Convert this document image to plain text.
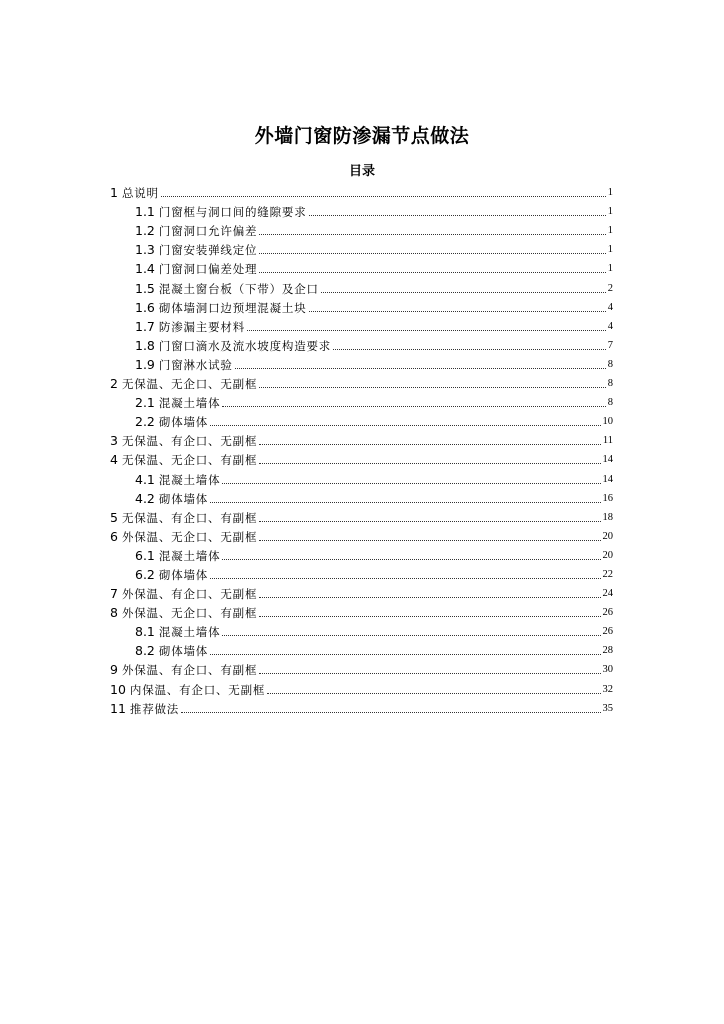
外墙门窗防渗漏节点做法
目录
1 总说明	1
1.1 门窗框与洞口间的缝隙要求	1
1.2 门窗洞口允许偏差	1
1.3 门窗安装弹线定位	1
1.4 门窗洞口偏差处理	1
1.5 混凝土窗台板（下带）及企口	2
1.6 砌体墙洞口边预埋混凝土块	4
1.7 防渗漏主要材料	4
1.8 门窗口滴水及流水坡度构造要求	7
1.9 门窗淋水试验	8
2 无保温、无企口、无副框	8
2.1 混凝土墙体	8
2.2 砌体墙体	10
3 无保温、有企口、无副框	11
4 无保温、无企口、有副框	14
4.1 混凝土墙体	14
4.2 砌体墙体	16
5 无保温、有企口、有副框	18
6 外保温、无企口、无副框	20
6.1 混凝土墙体	20
6.2 砌体墙体	22
7 外保温、有企口、无副框	24
8 外保温、无企口、有副框	26
8.1 混凝土墙体	26
8.2 砌体墙体	28
9 外保温、有企口、有副框	30
10 内保温、有企口、无副框	32
11 推荐做法	35
